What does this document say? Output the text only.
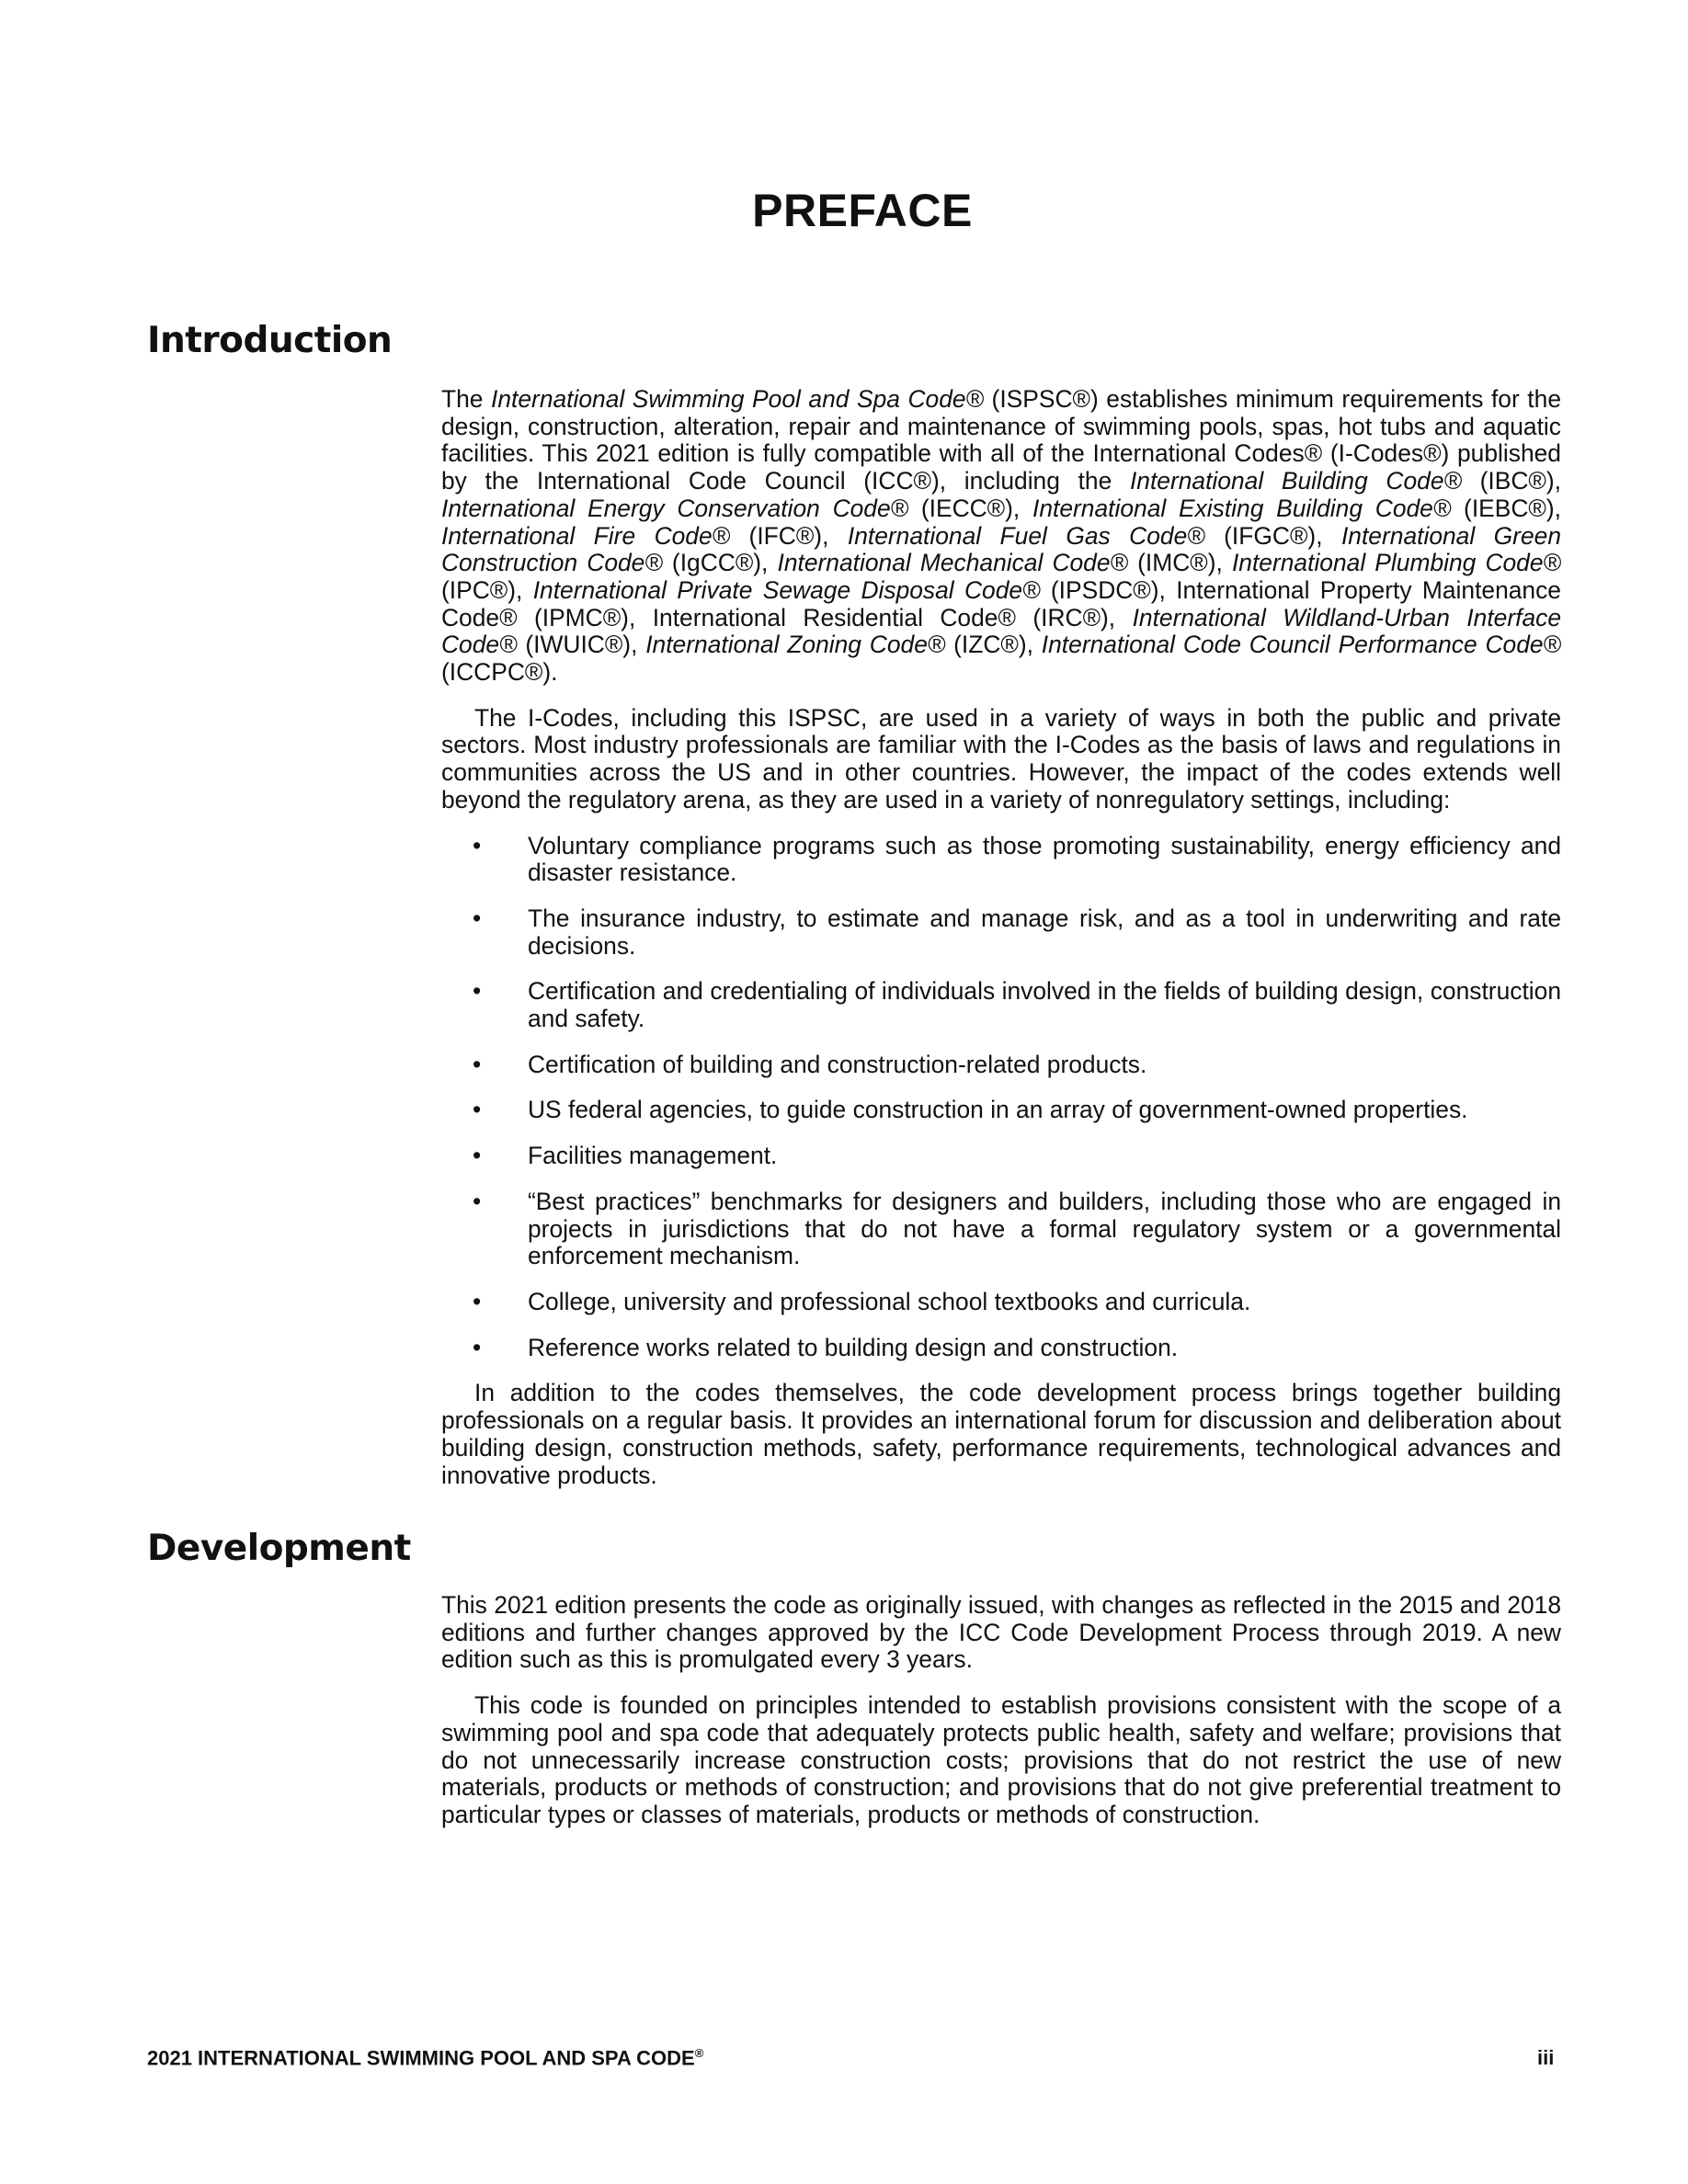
PREFACE
Introduction

The International Swimming Pool and Spa Code® (ISPSC®) establishes minimum requirements for the design, construction, alteration, repair and maintenance of swimming pools, spas, hot tubs and aquatic facilities. This 2021 edition is fully compatible with all of the International Codes® (I-Codes®) published by the International Code Council (ICC®), including the International Building Code® (IBC®), International Energy Conservation Code® (IECC®), International Existing Building Code® (IEBC®), International Fire Code® (IFC®), International Fuel Gas Code® (IFGC®), International Green Construction Code® (IgCC®), International Mechanical Code® (IMC®), International Plumbing Code® (IPC®), International Private Sewage Disposal Code® (IPSDC®), International Property Maintenance Code® (IPMC®), International Residential Code® (IRC®), International Wildland-Urban Interface Code® (IWUIC®), International Zoning Code® (IZC®), International Code Council Performance Code® (ICCPC®).

The I-Codes, including this ISPSC, are used in a variety of ways in both the public and private sectors. Most industry professionals are familiar with the I-Codes as the basis of laws and regulations in communities across the US and in other countries. However, the impact of the codes extends well beyond the regulatory arena, as they are used in a variety of nonregulatory settings, including:

• Voluntary compliance programs such as those promoting sustainability, energy efficiency and disaster resistance.
• The insurance industry, to estimate and manage risk, and as a tool in underwriting and rate decisions.
• Certification and credentialing of individuals involved in the fields of building design, construction and safety.
• Certification of building and construction-related products.
• US federal agencies, to guide construction in an array of government-owned properties.
• Facilities management.
• “Best practices” benchmarks for designers and builders, including those who are engaged in projects in jurisdictions that do not have a formal regulatory system or a governmental enforcement mechanism.
• College, university and professional school textbooks and curricula.
• Reference works related to building design and construction.

In addition to the codes themselves, the code development process brings together building professionals on a regular basis. It provides an international forum for discussion and deliberation about building design, construction methods, safety, performance requirements, technological advances and innovative products.

Development

This 2021 edition presents the code as originally issued, with changes as reflected in the 2015 and 2018 editions and further changes approved by the ICC Code Development Process through 2019. A new edition such as this is promulgated every 3 years.

This code is founded on principles intended to establish provisions consistent with the scope of a swimming pool and spa code that adequately protects public health, safety and welfare; provisions that do not unnecessarily increase construction costs; provisions that do not restrict the use of new materials, products or methods of construction; and provisions that do not give preferential treatment to particular types or classes of materials, products or methods of construction.

2021 INTERNATIONAL SWIMMING POOL AND SPA CODE®	iii
